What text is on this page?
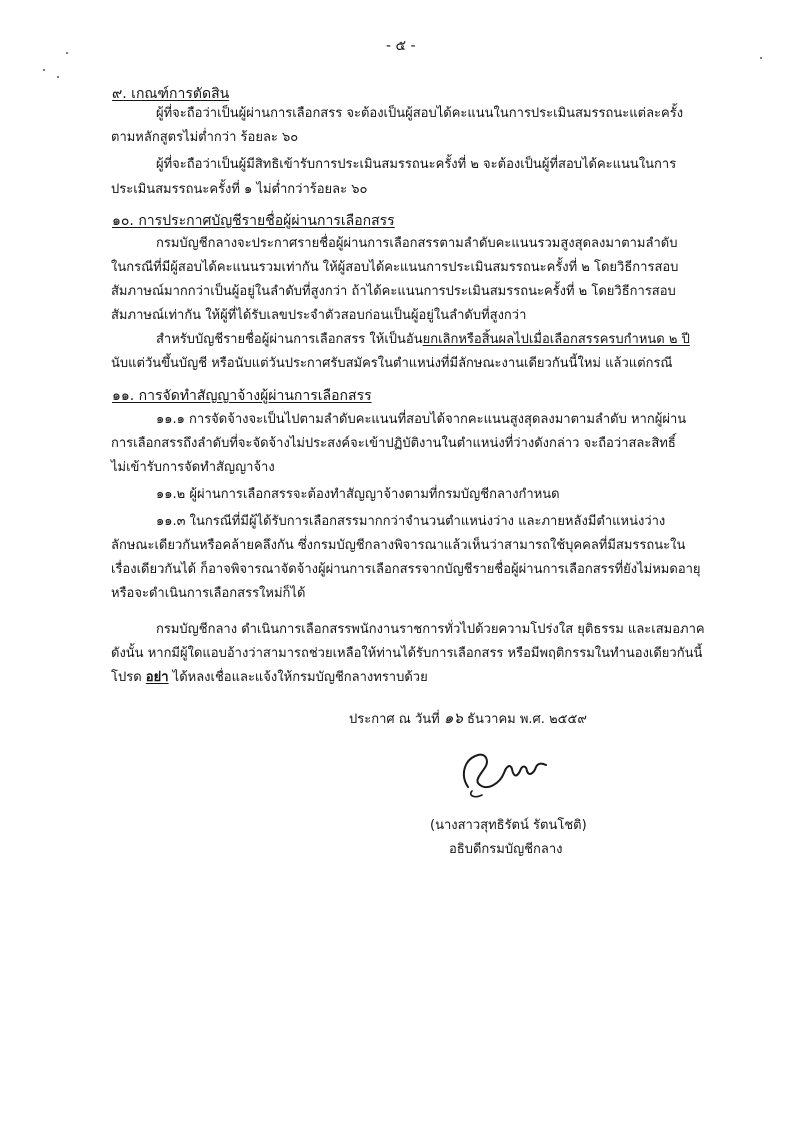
- ๕ -
๙. เกณฑ์การตัดสิน
ผู้ที่จะถือว่าเป็นผู้ผ่านการเลือกสรร จะต้องเป็นผู้สอบได้คะแนนในการประเมินสมรรถนะแต่ละครั้ง
ตามหลักสูตรไม่ต่ำกว่า ร้อยละ ๖๐
ผู้ที่จะถือว่าเป็นผู้มีสิทธิเข้ารับการประเมินสมรรถนะครั้งที่ ๒ จะต้องเป็นผู้ที่สอบได้คะแนนในการ
ประเมินสมรรถนะครั้งที่ ๑ ไม่ต่ำกว่าร้อยละ ๖๐
๑๐. การประกาศบัญชีรายชื่อผู้ผ่านการเลือกสรร
กรมบัญชีกลางจะประกาศรายชื่อผู้ผ่านการเลือกสรรตามลำดับคะแนนรวมสูงสุดลงมาตามลำดับ
ในกรณีที่มีผู้สอบได้คะแนนรวมเท่ากัน ให้ผู้สอบได้คะแนนการประเมินสมรรถนะครั้งที่ ๒ โดยวิธีการสอบ
สัมภาษณ์มากกว่าเป็นผู้อยู่ในลำดับที่สูงกว่า ถ้าได้คะแนนการประเมินสมรรถนะครั้งที่ ๒ โดยวิธีการสอบ
สัมภาษณ์เท่ากัน ให้ผู้ที่ได้รับเลขประจำตัวสอบก่อนเป็นผู้อยู่ในลำดับที่สูงกว่า
สำหรับบัญชีรายชื่อผู้ผ่านการเลือกสรร ให้เป็นอันยกเลิกหรือสิ้นผลไปเมื่อเลือกสรรครบกำหนด ๒ ปี
นับแต่วันขึ้นบัญชี หรือนับแต่วันประกาศรับสมัครในตำแหน่งที่มีลักษณะงานเดียวกันนี้ใหม่ แล้วแต่กรณี
๑๑. การจัดทำสัญญาจ้างผู้ผ่านการเลือกสรร
๑๑.๑ การจัดจ้างจะเป็นไปตามลำดับคะแนนที่สอบได้จากคะแนนสูงสุดลงมาตามลำดับ หากผู้ผ่าน
การเลือกสรรถึงลำดับที่จะจัดจ้างไม่ประสงค์จะเข้าปฏิบัติงานในตำแหน่งที่ว่างดังกล่าว จะถือว่าสละสิทธิ์
ไม่เข้ารับการจัดทำสัญญาจ้าง
๑๑.๒ ผู้ผ่านการเลือกสรรจะต้องทำสัญญาจ้างตามที่กรมบัญชีกลางกำหนด
๑๑.๓ ในกรณีที่มีผู้ได้รับการเลือกสรรมากกว่าจำนวนตำแหน่งว่าง และภายหลังมีตำแหน่งว่าง
ลักษณะเดียวกันหรือคล้ายคลึงกัน ซึ่งกรมบัญชีกลางพิจารณาแล้วเห็นว่าสามารถใช้บุคคลที่มีสมรรถนะใน
เรื่องเดียวกันได้ ก็อาจพิจารณาจัดจ้างผู้ผ่านการเลือกสรรจากบัญชีรายชื่อผู้ผ่านการเลือกสรรที่ยังไม่หมดอายุ
หรือจะดำเนินการเลือกสรรใหม่ก็ได้
กรมบัญชีกลาง ดำเนินการเลือกสรรพนักงานราชการทั่วไปด้วยความโปร่งใส ยุติธรรม และเสมอภาค
ดังนั้น หากมีผู้ใดแอบอ้างว่าสามารถช่วยเหลือให้ท่านได้รับการเลือกสรร หรือมีพฤติกรรมในทำนองเดียวกันนี้
โปรด อย่า ได้หลงเชื่อและแจ้งให้กรมบัญชีกลางทราบด้วย
ประกาศ ณ วันที่ ๑๖ ธันวาคม พ.ศ. ๒๕๕๙
(นางสาวสุทธิรัตน์ รัตนโชติ)
อธิบดีกรมบัญชีกลาง
